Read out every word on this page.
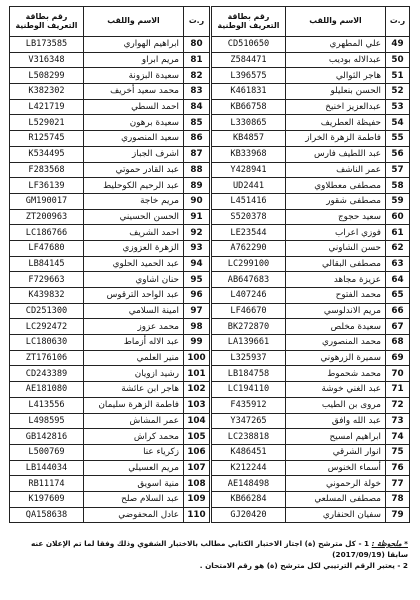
ر.ت	الاسم واللقب	رقم بطاقة التعريف الوطنية
49	علي المطهري	CD510650
50	عبدالاله بوديب	Z584471
51	هاجر الثوالي	L396575
52	الحسن بنعليلو	K461831
53	عبدالعزيز اخنيخ	KB66758
54	حفيظة العطريف	L330865
55	فاطمة الزهرة الخراز	KB4857
56	عبد اللطيف فارس	KB33968
57	عمر الناشف	Y428941
58	مصطفى معطلاوي	UD2441
59	مصطفى شقور	L451416
60	سعيد حجوج	S520378
61	فوزي اعراب	LE23544
62	حسن الشاوني	A762290
63	مصطفى البقالي	LC299100
64	عزيزة مجاهد	AB647683
65	محمد الفتوح	L407246
66	مريم الاندلوسي	LF46670
67	سعيدة مخلص	BK272870
68	محمد المنصوري	LA139661
69	سميرة الزرهوني	L325937
70	محمد شحموط	LB184758
71	عبد الغني خوشة	LC194110
72	مروى بن الطيب	F435912
73	عبد الله وافق	Y347265
74	ابراهيم امسيح	LC238818
75	انوار الشرقي	K486451
76	أسماء الخنوس	K212244
77	خولة الرحموني	AE148498
78	مصطفى المسلعي	KB66284
79	سفيان الحنفاري	GJ20420
ر.ت	الاسم واللقب	رقم بطاقة التعريف الوطنية
80	ابراهيم الهواري	LB173585
81	مريم ابراو	V316348
82	سعيدة البزونة	L508299
83	محمد سعيد أخريف	K382302
84	احمد السطي	L421719
85	سعيدة برهون	L529021
86	سعيد المنصوري	R125745
87	اشرف الجباز	K534495
88	عبد القادر حموتي	F283568
89	عبد الرحيم الكوحليط	LF36139
90	مريم خاجة	GM190017
91	الحسن الحسيني	ZT200963
92	احمد الشريف	LC186766
93	الزهرة العزوزي	LF47680
94	عبد الحميد الحلوي	LB84145
95	حنان اشاوي	F729663
96	عبد الواحد الترقوس	K439832
97	امينة السلامي	CD251300
98	محمد عزوز	LC292472
99	عبد الاله أزماط	LC180630
100	منير العلمي	ZT176106
101	رشيد ازويان	CD243389
102	هاجر ابن عائشة	AE181080
103	فاطمة الزهرة سليمان	L413556
104	عمر المشاش	L498595
105	محمد كراش	GB142816
106	زكرياء عنا	L500769
107	مريم العسيلي	LB144034
108	منية اسويق	RB11174
109	عبد السلام صلح	K197609
110	عادل المحفوضي	QA158638
* ملحوظة : 1 - كل مترشح (ة) اجتاز الاختبار الكتابي مطالب بالاختبار الشفوي وذلك وفقا لما تم الإعلان عنه سابقا (2017/09/19)
2 - يعتبر الرقم الترتيبي لكل مترشح (ة) هو رقم الامتحان .
